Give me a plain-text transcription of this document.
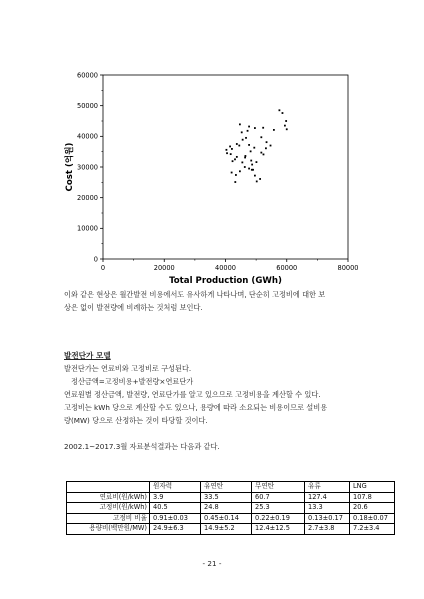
0	20000	40000	60000	80000
0
10000
20000
30000
40000
50000
60000
Total Production (GWh)
Cost (억원)
이와 같은 현상은 월간발전 비용에서도 유사하게 나타나며, 단순히 고정비에 대한 보
상은 없이 발전량에 비례하는 것처럼 보인다.
발전단가 모델
발전단가는 연료비와 고정비로 구성된다.
정산금액=고정비용+발전량×연료단가
연료원별 정산금액, 발전량, 연료단가를 알고 있으므로 고정비용을 계산할 수 있다.
고정비는 kWh 당으로 계산할 수도 있으나, 용량에 따라 소요되는 비용이므로 설비용
량(MW) 당으로 산정하는 것이 타당할 것이다.
2002.1~2017.3월 자료분석결과는 다음과 같다.
	원자력	유연탄	무연탄	유류	LNG
연료비(원/kWh)	3.9	33.5	60.7	127.4	107.8
고정비(원/kWh)	40.5	24.8	25.3	13.3	20.6
고정비 비율	0.91±0.03	0.45±0.14	0.22±0.19	0.13±0.17	0.18±0.07
용량비(백만원/MW)	24.9±6.3	14.9±5.2	12.4±12.5	2.7±3.8	7.2±3.4
- 21 -
